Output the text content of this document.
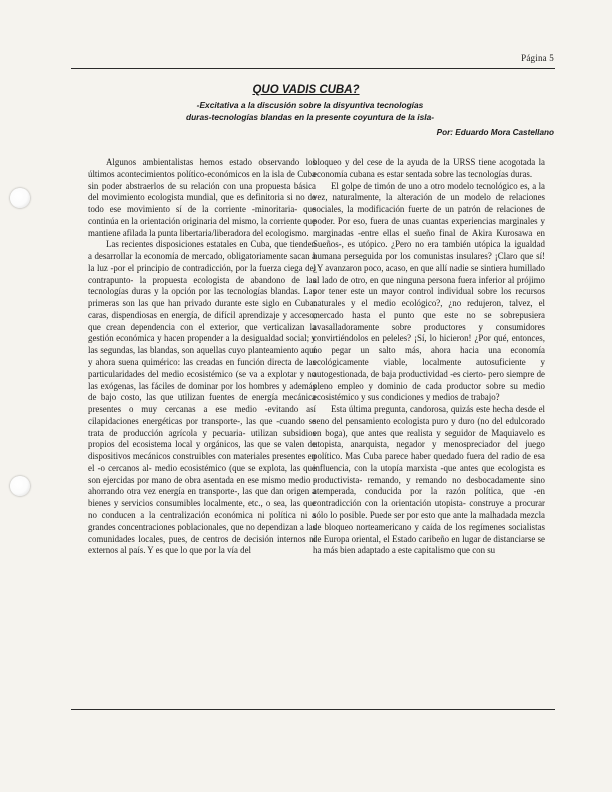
Página 5
QUO VADIS CUBA?
-Excitativa a la discusión sobre la disyuntiva tecnologías
duras-tecnologías blandas en la presente coyuntura de la isla-
Por: Eduardo Mora Castellano

Algunos ambientalistas hemos estado observando los últimos acontecimientos político-económicos en la isla de Cuba sin poder abstraerlos de su relación con una propuesta básica del movimiento ecologista mundial, que es definitoria si no de todo ese movimiento sí de la corriente -minoritaria- que continúa en la orientación originaria del mismo, la corriente que mantiene afilada la punta libertaria/liberadora del ecologismo.

Las recientes disposiciones estatales en Cuba, que tienden a desarrollar la economía de mercado, obligatoriamente sacan a la luz -por el principio de contradicción, por la fuerza ciega del contrapunto- la propuesta ecologista de abandono de las tecnologías duras y la opción por las tecnologías blandas. Las primeras son las que han privado durante este siglo en Cuba: caras, dispendiosas en energía, de difícil aprendizaje y acceso, que crean dependencia con el exterior, que verticalizan la gestión económica y hacen propender a la desigualdad social; y las segundas, las blandas, son aquellas cuyo planteamiento aquí y ahora suena quimérico: las creadas en función directa de las particularidades del medio ecosistémico (se va a explotar y no las exógenas, las fáciles de dominar por los hombres y además de bajo costo, las que utilizan fuentes de energía mecánica presentes o muy cercanas a ese medio -evitando así cilapidaciones energéticas por transporte-, las que -cuando se trata de producción agrícola y pecuaria- utilizan subsidios propios del ecosistema local y orgánicos, las que se valen de dispositivos mecánicos construibles con materiales presentes en el -o cercanos al- medio ecosistémico (que se explota, las que son ejercidas por mano de obra asentada en ese mismo medio -ahorrando otra vez energía en transporte-, las que dan origen a bienes y servicios consumibles localmente, etc., o sea, las que no conducen a la centralización económica ni política ni a grandes concentraciones poblacionales, que no dependizan a las comunidades locales, pues, de centros de decisión internos ni externos al país. Y es que lo que por la vía del

bloqueo y del cese de la ayuda de la URSS tiene acogotada la economía cubana es estar sentada sobre las tecnologías duras.

El golpe de timón de uno a otro modelo tecnológico es, a la vez, naturalmente, la alteración de un modelo de relaciones sociales, la modificación fuerte de un patrón de relaciones de poder. Por eso, fuera de unas cuantas experiencias marginales y marginadas -entre ellas el sueño final de Akira Kurosawa en Sueños-, es utópico. ¿Pero no era también utópica la igualdad humana perseguida por los comunistas insulares? ¡Claro que sí! ¿Y avanzaron poco, acaso, en que allí nadie se sintiera humillado al lado de otro, en que ninguna persona fuera inferior al prójimo por tener este un mayor control individual sobre los recursos naturales y el medio ecológico?, ¿no redujeron, talvez, el mercado hasta el punto que este no se sobrepusiera avasalladoramente sobre productores y consumidores convirtiéndolos en peleles? ¡Sí, lo hicieron! ¿Por qué, entonces, no pegar un salto más, ahora hacia una economía ecológicamente viable, localmente autosuficiente y autogestionada, de baja productividad -es cierto- pero siempre de pleno empleo y dominio de cada productor sobre su medio ecosistémico y sus condiciones y medios de trabajo?

Esta última pregunta, candorosa, quizás este hecha desde el seno del pensamiento ecologista puro y duro (no del edulcorado en boga), que antes que realista y seguidor de Maquiavelo es utopista, anarquista, negador y menospreciador del juego político. Mas Cuba parece haber quedado fuera del radio de esa influencia, con la utopía marxista -que antes que ecologista es productivista- remando, y remando no desbocadamente sino atemperada, conducida por la razón política, que -en contradicción con la orientación utopista- construye a procurar sólo lo posible. Puede ser por esto que ante la malhadada mezcla de bloqueo norteamericano y caída de los regímenes socialistas de Europa oriental, el Estado caribeño en lugar de distanciarse se ha más bien adaptado a este capitalismo que con su
